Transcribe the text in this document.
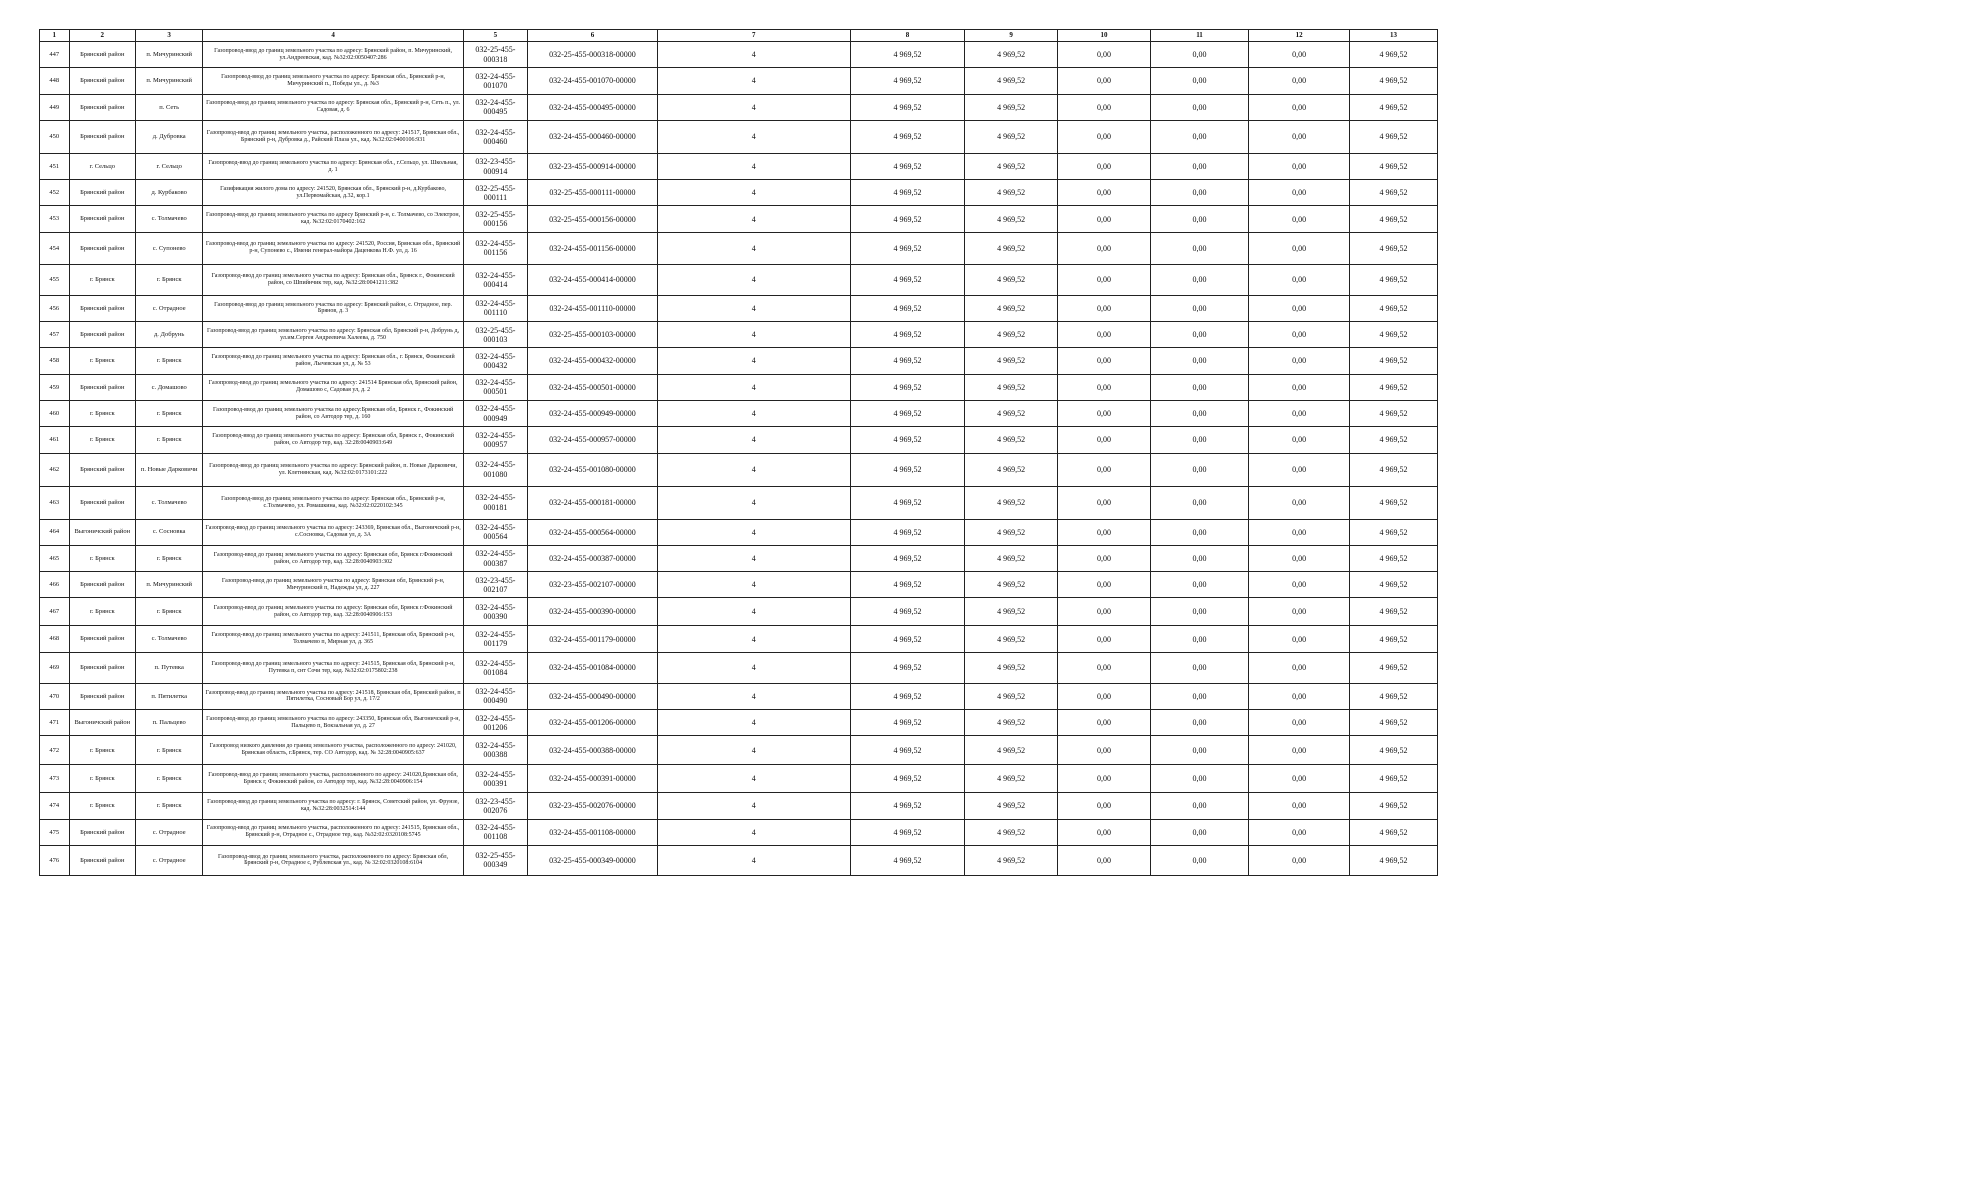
1	2	3	4	5	6	7	8	9	10	11	12	13
447	Брянский район	п. Мичуринский	Газопровод-ввод до границ земельного участка по адресу: Брянский район, п. Мичуринский, ул.Андреевская, кад. №32:02:0050407:286	032-25-455-000318	032-25-455-000318-00000	4	4 969,52	4 969,52	0,00	0,00	0,00	4 969,52
448	Брянский район	п. Мичуринский	Газопровод-ввод до границ земельного участка по адресу: Брянская обл., Брянский р-н, Мичуринский п., Победы ул., д. №3	032-24-455-001070	032-24-455-001070-00000	4	4 969,52	4 969,52	0,00	0,00	0,00	4 969,52
449	Брянский район	п. Сеть	Газопровод-ввод до границ земельного участка по адресу: Брянская обл., Брянский р-н, Сеть п., ул. Садовая, д. 6	032-24-455-000495	032-24-455-000495-00000	4	4 969,52	4 969,52	0,00	0,00	0,00	4 969,52
450	Брянский район	д. Дубровка	Газопровод-ввод до границ земельного участка, расположенного по адресу: 241517, Брянская обл., Брянский р-н, Дубровка д., Райский Плаза ул., кад. №32:02:0400106:931	032-24-455-000460	032-24-455-000460-00000	4	4 969,52	4 969,52	0,00	0,00	0,00	4 969,52
451	г. Сельцо	г. Сельцо	Газопровод-ввод до границ земельного участка по адресу: Брянская обл., г.Сельцо, ул. Школьная, д. 1	032-23-455-000914	032-23-455-000914-00000	4	4 969,52	4 969,52	0,00	0,00	0,00	4 969,52
452	Брянский район	д. Курбаково	Газификация жилого дома по адресу: 241520, Брянская обл., Брянский р-н, д.Курбаково, ул.Первомайская, д.32, кор.1	032-25-455-000111	032-25-455-000111-00000	4	4 969,52	4 969,52	0,00	0,00	0,00	4 969,52
453	Брянский район	с. Толмачево	Газопровод-ввод до границ земельного участка по адресу Брянский р-н, с. Толмачево, со Электрон, кад. №32:02:0170402:162	032-25-455-000156	032-25-455-000156-00000	4	4 969,52	4 969,52	0,00	0,00	0,00	4 969,52
454	Брянский район	с. Супонево	Газопровод-ввод до границ земельного участка по адресу: 241520, Россия, Брянская обл., Брянский р-н, Супонево с., Имени генерал-майора Даценкова Н.Ф. ул, д. 16	032-24-455-001156	032-24-455-001156-00000	4	4 969,52	4 969,52	0,00	0,00	0,00	4 969,52
455	г. Брянск	г. Брянск	Газопровод-ввод до границ земельного участка по адресу: Брянская обл., Брянск г., Фокинский район, со Шпийнчик тер, кад. №32:28:0041211:382	032-24-455-000414	032-24-455-000414-00000	4	4 969,52	4 969,52	0,00	0,00	0,00	4 969,52
456	Брянский район	с. Отрадное	Газопровод-ввод до границ земельного участка по адресу: Брянский район, с. Отрадное, пер. Брянов, д. 3	032-24-455-001110	032-24-455-001110-00000	4	4 969,52	4 969,52	0,00	0,00	0,00	4 969,52
457	Брянский район	д. Добрунь	Газопровод-ввод до границ земельного участка по адресу: Брянская обл, Брянский р-н, Добрунь д, ул.им.Сергея Андреевича Халеева, д. 750	032-25-455-000103	032-25-455-000103-00000	4	4 969,52	4 969,52	0,00	0,00	0,00	4 969,52
458	г. Брянск	г. Брянск	Газопровод-ввод до границ земельного участка по адресу: Брянская обл., г. Брянск, Фокинский район, Лычевская ул, д. № 53	032-24-455-000432	032-24-455-000432-00000	4	4 969,52	4 969,52	0,00	0,00	0,00	4 969,52
459	Брянский район	с. Домашово	Газопровод-ввод до границ земельного участка по адресу: 241514 Брянская обл, Брянский район, Домашово с, Садовая ул, д. 2	032-24-455-000501	032-24-455-000501-00000	4	4 969,52	4 969,52	0,00	0,00	0,00	4 969,52
460	г. Брянск	г. Брянск	Газопровод-ввод до границ земельного участка по адресу:Брянская обл, Брянск г., Фокинский район, со Автодор тер, д. 160	032-24-455-000949	032-24-455-000949-00000	4	4 969,52	4 969,52	0,00	0,00	0,00	4 969,52
461	г. Брянск	г. Брянск	Газопровод-ввод до границ земельного участка по адресу: Брянская обл, Брянск г., Фокинский район, со Автодор тер, кад. 32:28:0040903:649	032-24-455-000957	032-24-455-000957-00000	4	4 969,52	4 969,52	0,00	0,00	0,00	4 969,52
462	Брянский район	п. Новые Дарковичи	Газопровод-ввод до границ земельного участка по адресу: Брянский район, п. Новые Дарковичи, ул. Клетнянская, кад. №32:02:0173101:222	032-24-455-001080	032-24-455-001080-00000	4	4 969,52	4 969,52	0,00	0,00	0,00	4 969,52
463	Брянский район	с. Толмачево	Газопровод-ввод до границ земельного участка по адресу: Брянская обл., Брянский р-н, с.Толмачево, ул. Ромашкина, кад. №32:02:0220102:345	032-24-455-000181	032-24-455-000181-00000	4	4 969,52	4 969,52	0,00	0,00	0,00	4 969,52
464	Выгоничский район	с. Сосновка	Газопровод-ввод до границ земельного участка по адресу: 243369, Брянская обл., Выгоничский р-н, с.Сосновка, Садовая ул, д. 3А	032-24-455-000564	032-24-455-000564-00000	4	4 969,52	4 969,52	0,00	0,00	0,00	4 969,52
465	г. Брянск	г. Брянск	Газопровод-ввод до границ земельного участка по адресу: Брянская обл, Брянск г.Фокинский район, со Автодор тер, кад. 32:28:0040903:302	032-24-455-000387	032-24-455-000387-00000	4	4 969,52	4 969,52	0,00	0,00	0,00	4 969,52
466	Брянский район	п. Мичуринский	Газопровод-ввод до границ земельного участка по адресу: Брянская обл, Брянский р-н, Мичуринский п, Надежды ул, д. 227	032-23-455-002107	032-23-455-002107-00000	4	4 969,52	4 969,52	0,00	0,00	0,00	4 969,52
467	г. Брянск	г. Брянск	Газопровод-ввод до границ земельного участка по адресу: Брянская обл, Брянск г.Фокинский район, со Автодор тер, кад. 32:28:0040906:153	032-24-455-000390	032-24-455-000390-00000	4	4 969,52	4 969,52	0,00	0,00	0,00	4 969,52
468	Брянский район	с. Толмачево	Газопровод-ввод до границ земельного участка по адресу: 241511, Брянская обл, Брянский р-н, Толмачево п, Мирная ул, д. 365	032-24-455-001179	032-24-455-001179-00000	4	4 969,52	4 969,52	0,00	0,00	0,00	4 969,52
469	Брянский район	п. Путевка	Газопровод-ввод до границ земельного участка по адресу: 241515, Брянская обл, Брянский р-н, Путевка п, снт Сочи тер, кад. №32:02:0175802:238	032-24-455-001084	032-24-455-001084-00000	4	4 969,52	4 969,52	0,00	0,00	0,00	4 969,52
470	Брянский район	п. Пятилетка	Газопровод-ввод до границ земельного участка по адресу: 241518, Брянская обл, Брянский район, п Пятилетка, Сосновый Бор ул, д. 17/2	032-24-455-000490	032-24-455-000490-00000	4	4 969,52	4 969,52	0,00	0,00	0,00	4 969,52
471	Выгоничский район	п. Пальцево	Газопровод-ввод до границ земельного участка по адресу: 243350, Брянская обл, Выгоничский р-н, Пальцево п, Вокзальная ул, д. 27	032-24-455-001206	032-24-455-001206-00000	4	4 969,52	4 969,52	0,00	0,00	0,00	4 969,52
472	г. Брянск	г. Брянск	Газопровод низкого давления до границ земельного участка, расположенного по адресу: 241020, Брянская область, г.Брянск, тер. СО Автодор, кад. № 32:28:0040905:637	032-24-455-000388	032-24-455-000388-00000	4	4 969,52	4 969,52	0,00	0,00	0,00	4 969,52
473	г. Брянск	г. Брянск	Газопровод-ввод до границ земельного участка, расположенного по адресу: 241020,Брянская обл, Брянск г, Фокинский район, со Автодор тер, кад. №32:28:0040906:154	032-24-455-000391	032-24-455-000391-00000	4	4 969,52	4 969,52	0,00	0,00	0,00	4 969,52
474	г. Брянск	г. Брянск	Газопровод-ввод до границ земельного участка по адресу: г. Брянск, Советский район, ул. Фрунзе, кад. №32:28:0032514:144	032-23-455-002076	032-23-455-002076-00000	4	4 969,52	4 969,52	0,00	0,00	0,00	4 969,52
475	Брянский район	с. Отрадное	Газопровод-ввод до границ земельного участка, расположенного по адресу: 241515, Брянская обл., Брянский р-н, Отрадное с., Отрадное тер, кад. №32:02:0320108:5745	032-24-455-001108	032-24-455-001108-00000	4	4 969,52	4 969,52	0,00	0,00	0,00	4 969,52
476	Брянский район	с. Отрадное	Газопровод-ввод до границ земельного участка, расположенного по адресу: Брянская обл, Брянский р-н, Отрадное с, Рублевская ул., кад. № 32:02:0320108:6104	032-25-455-000349	032-25-455-000349-00000	4	4 969,52	4 969,52	0,00	0,00	0,00	4 969,52
